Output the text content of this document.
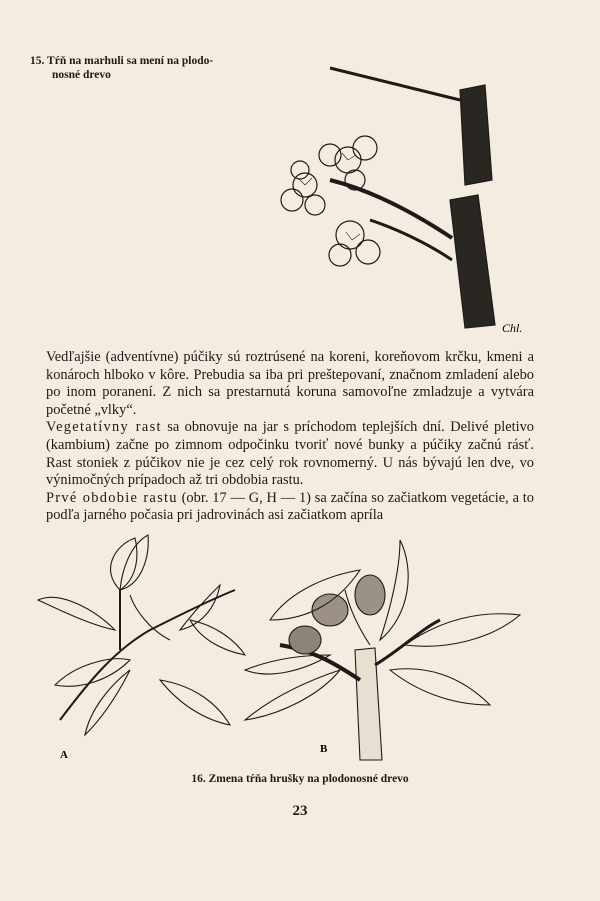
15. Tŕň na marhuli sa mení na plodo-
nosné drevo
Chl.

Vedľajšie (adventívne) púčiky sú roztrúsené na koreni, koreňovom krčku, kmeni a konároch hlboko v kôre. Prebudia sa iba pri preštepovaní, značnom zmladení alebo po inom poranení. Z nich sa prestarnutá koruna samovoľne zmladzuje a vytvára početné „vlky“.

Vegetatívny rast sa obnovuje na jar s príchodom teplejších dní. Delivé pletivo (kambium) začne po zimnom odpočinku tvoriť nové bunky a púčiky začnú rásť. Rast stoniek z púčikov nie je cez celý rok rovnomerný. U nás bývajú len dve, vo výnimočných prípadoch až tri obdobia rastu.

Prvé obdobie rastu (obr. 17 — G, H — 1) sa začína so začiatkom vegetácie, a to podľa jarného počasia pri jadrovinách asi začiatkom apríla

A	B
16. Zmena tŕňa hrušky na plodonosné drevo
23
